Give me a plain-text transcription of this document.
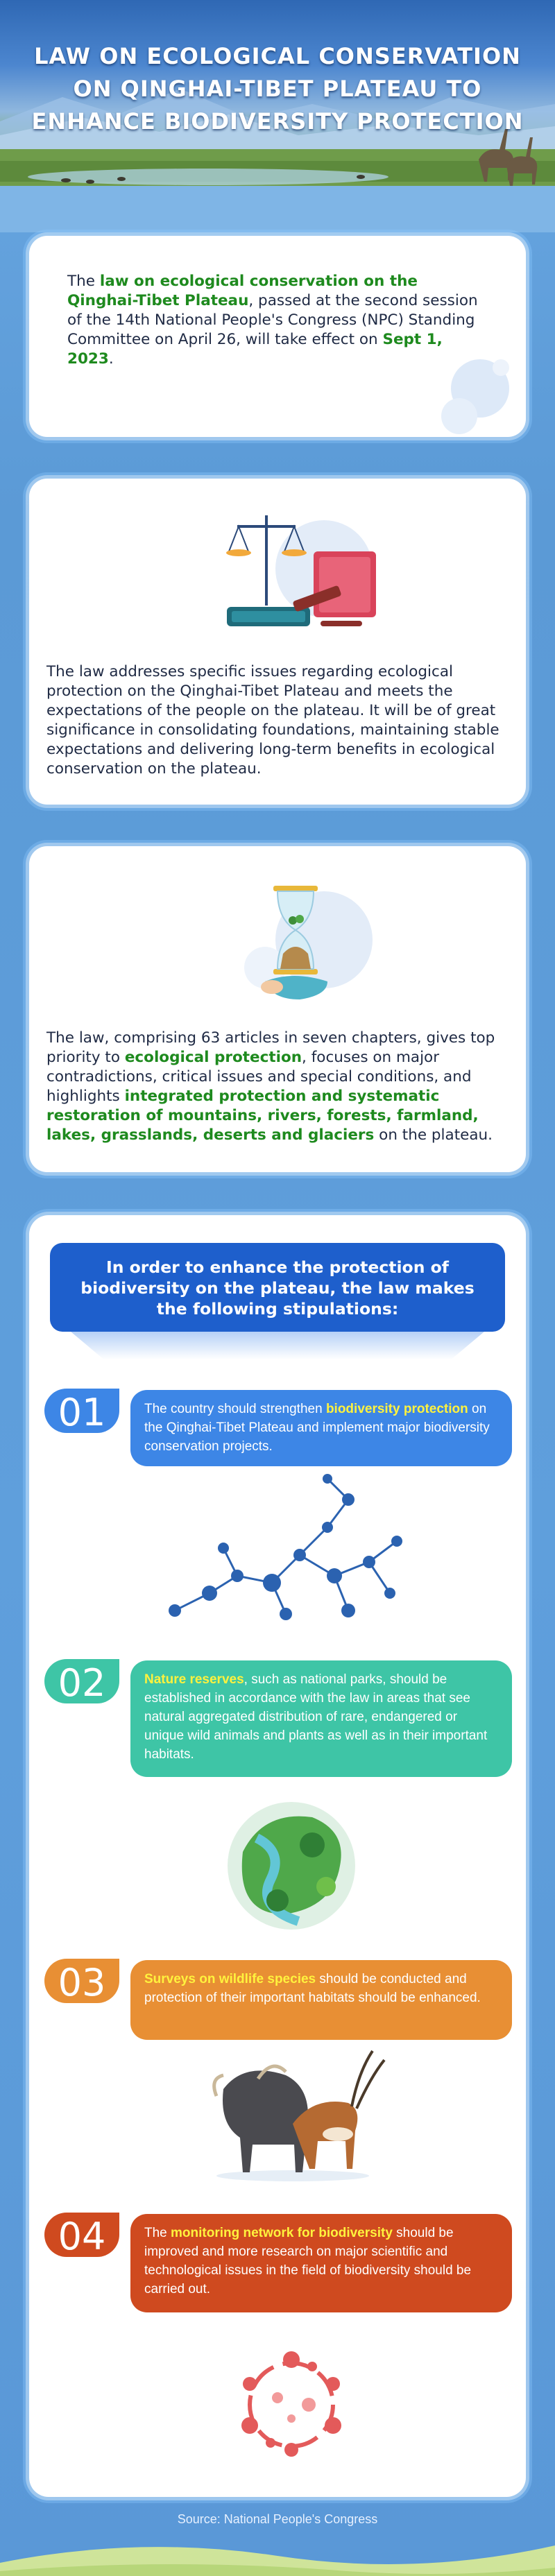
LAW ON ECOLOGICAL CONSERVATION ON QINGHAI-TIBET PLATEAU TO ENHANCE BIODIVERSITY PROTECTION

The law on ecological conservation on the Qinghai-Tibet Plateau, passed at the second session of the 14th National People's Congress (NPC) Standing Committee on April 26, will take effect on Sept 1, 2023.

The law addresses specific issues regarding ecological protection on the Qinghai-Tibet Plateau and meets the expectations of the people on the plateau. It will be of great significance in consolidating foundations, maintaining stable expectations and delivering long-term benefits in ecological conservation on the plateau.

The law, comprising 63 articles in seven chapters, gives top priority to ecological protection, focuses on major contradictions, critical issues and special conditions, and highlights integrated protection and systematic restoration of mountains, rivers, forests, farmland, lakes, grasslands, deserts and glaciers on the plateau.

In order to enhance the protection of biodiversity on the plateau, the law makes the following stipulations:
01	The country should strengthen biodiversity protection on the Qinghai-Tibet Plateau and implement major biodiversity conservation projects.
02	Nature reserves, such as national parks, should be established in accordance with the law in areas that see natural aggregated distribution of rare, endangered or unique wild animals and plants as well as in their important habitats.
03	Surveys on wildlife species should be conducted and protection of their important habitats should be enhanced.
04	The monitoring network for biodiversity should be improved and more research on major scientific and technological issues in the field of biodiversity should be carried out.
Source: National People's Congress
